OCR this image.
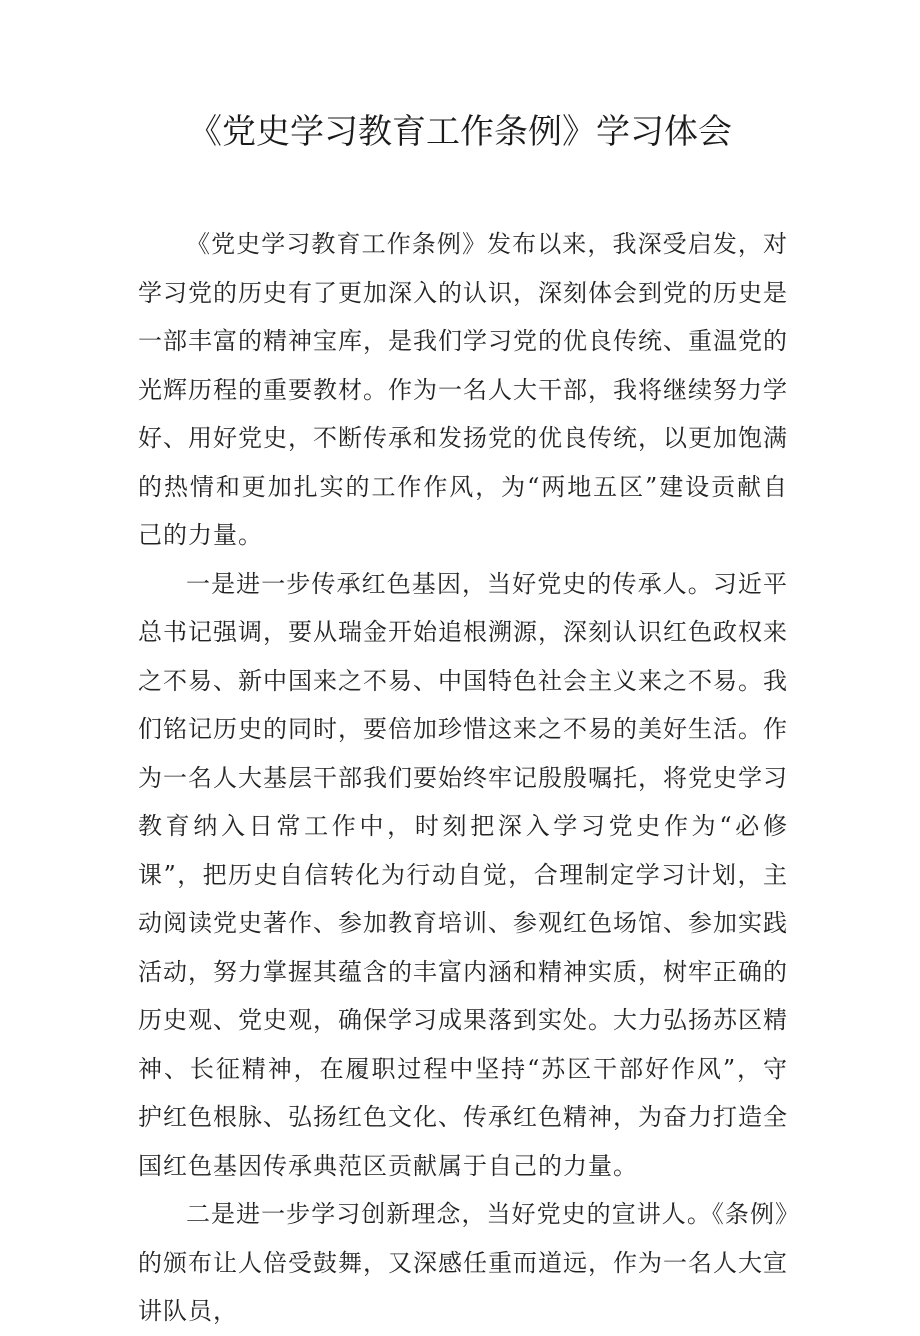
《党史学习教育工作条例》学习体会

《党史学习教育工作条例》发布以来，我深受启发，对学习党的历史有了更加深入的认识，深刻体会到党的历史是一部丰富的精神宝库，是我们学习党的优良传统、重温党的光辉历程的重要教材。作为一名人大干部，我将继续努力学好、用好党史，不断传承和发扬党的优良传统，以更加饱满的热情和更加扎实的工作作风，为“两地五区”建设贡献自己的力量。

一是进一步传承红色基因，当好党史的传承人。习近平总书记强调，要从瑞金开始追根溯源，深刻认识红色政权来之不易、新中国来之不易、中国特色社会主义来之不易。我们铭记历史的同时，要倍加珍惜这来之不易的美好生活。作为一名人大基层干部我们要始终牢记殷殷嘱托，将党史学习教育纳入日常工作中，时刻把深入学习党史作为“必修课”，把历史自信转化为行动自觉，合理制定学习计划，主动阅读党史著作、参加教育培训、参观红色场馆、参加实践活动，努力掌握其蕴含的丰富内涵和精神实质，树牢正确的历史观、党史观，确保学习成果落到实处。大力弘扬苏区精神、长征精神，在履职过程中坚持“苏区干部好作风”，守护红色根脉、弘扬红色文化、传承红色精神，为奋力打造全国红色基因传承典范区贡献属于自己的力量。

二是进一步学习创新理念，当好党史的宣讲人。《条例》的颁布让人倍受鼓舞，又深感任重而道远，作为一名人大宣讲队员，
